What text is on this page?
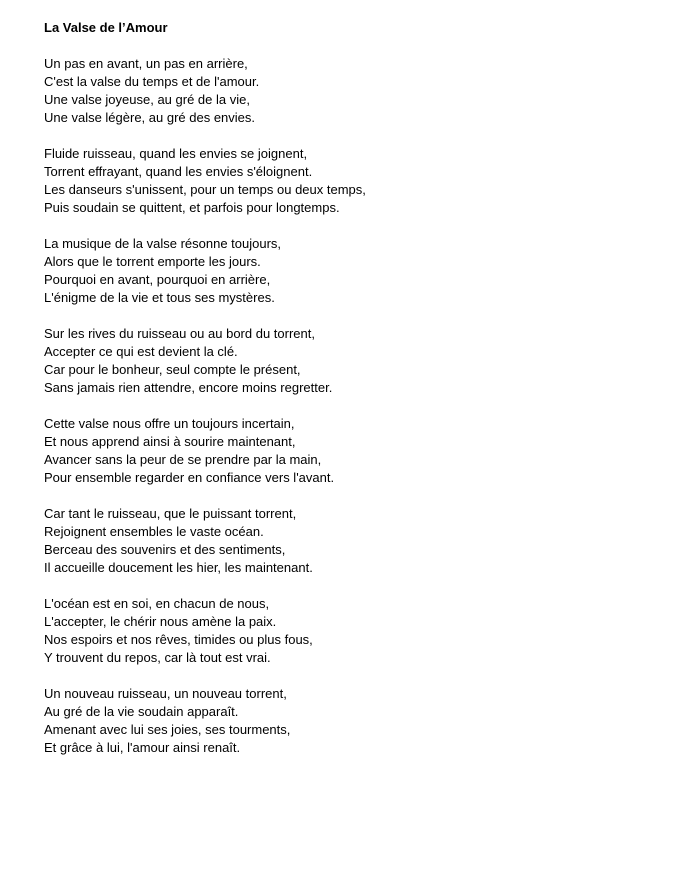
La Valse de l’Amour
Un pas en avant, un pas en arrière,
C'est la valse du temps et de l'amour.
Une valse joyeuse, au gré de la vie,
Une valse légère, au gré des envies.
Fluide ruisseau, quand les envies se joignent,
Torrent effrayant, quand les envies s'éloignent.
Les danseurs s'unissent, pour un temps ou deux temps,
Puis soudain se quittent, et parfois pour longtemps.
La musique de la valse résonne toujours,
Alors que le torrent emporte les jours.
Pourquoi en avant, pourquoi en arrière,
L'énigme de la vie et tous ses mystères.
Sur les rives du ruisseau ou au bord du torrent,
Accepter ce qui est devient la clé.
Car pour le bonheur, seul compte le présent,
Sans jamais rien attendre, encore moins regretter.
Cette valse nous offre un toujours incertain,
Et nous apprend ainsi à sourire maintenant,
Avancer sans la peur de se prendre par la main,
Pour ensemble regarder en confiance vers l'avant.
Car tant le ruisseau, que le puissant torrent,
Rejoignent ensembles le vaste océan.
Berceau des souvenirs et des sentiments,
Il accueille doucement les hier, les maintenant.
L'océan est en soi, en chacun de nous,
L'accepter, le chérir nous amène la paix.
Nos espoirs et nos rêves, timides ou plus fous,
Y trouvent du repos, car là tout est vrai.
Un nouveau ruisseau, un nouveau torrent,
Au gré de la vie soudain apparaît.
Amenant avec lui ses joies, ses tourments,
Et grâce à lui, l'amour ainsi renaît.
